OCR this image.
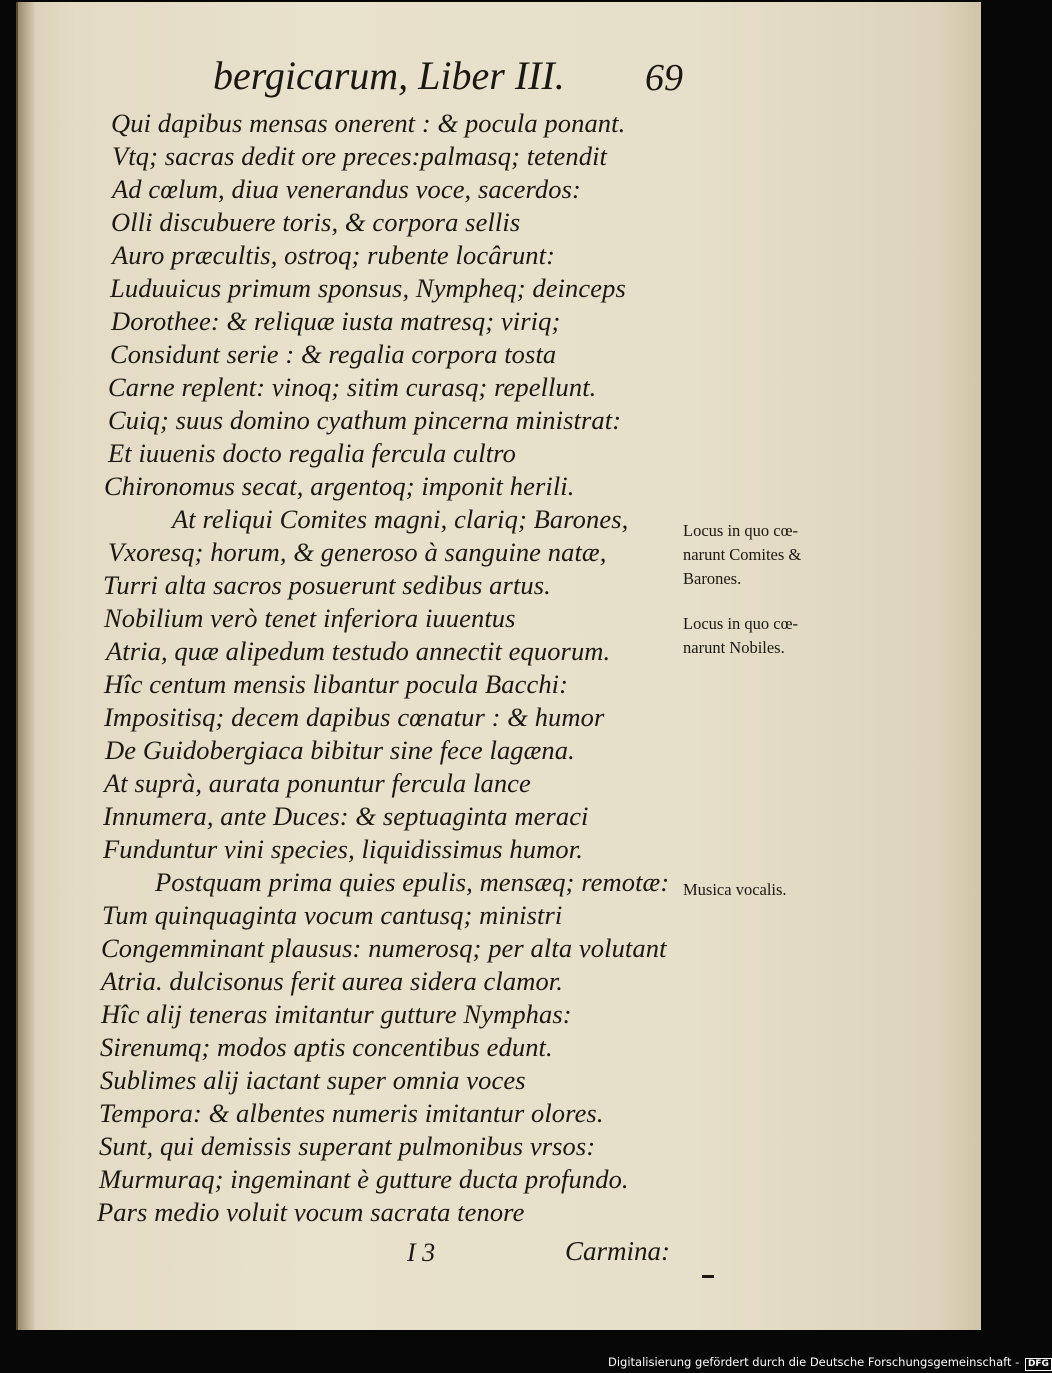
bergicarum, Liber III. 69
Qui dapibus mensas onerent : & pocula ponant.
Vtq; sacras dedit ore preces:palmasq; tetendit
Ad cœlum, diua venerandus voce, sacerdos:
Olli discubuere toris, & corpora sellis
Auro præcultis, ostroq; rubente locârunt:
Luduuicus primum sponsus, Nympheq; deinceps
Dorothee: & reliquæ iusta matresq; viriq;
Considunt serie : & regalia corpora tosta
Carne replent: vinoq; sitim curasq; repellunt.
Cuiq; suus domino cyathum pincerna ministrat:
Et iuuenis docto regalia fercula cultro
Chironomus secat, argentoq; imponit herili.
At reliqui Comites magni, clariq; Barones,
Vxoresq; horum, & generoso à sanguine natæ,
Turri alta sacros posuerunt sedibus artus.
Nobilium verò tenet inferiora iuuentus
Atria, quæ alipedum testudo annectit equorum.
Hîc centum mensis libantur pocula Bacchi:
Impositisq; decem dapibus cœnatur : & humor
De Guidobergiaca bibitur sine fece lagæna.
At suprà, aurata ponuntur fercula lance
Innumera, ante Duces: & septuaginta meraci
Funduntur vini species, liquidissimus humor.
Postquam prima quies epulis, mensæq; remotæ:
Tum quinquaginta vocum cantusq; ministri
Congemminant plausus: numerosq; per alta volutant
Atria. dulcisonus ferit aurea sidera clamor.
Hîc alij teneras imitantur gutture Nymphas:
Sirenumq; modos aptis concentibus edunt.
Sublimes alij iactant super omnia voces
Tempora: & albentes numeris imitantur olores.
Sunt, qui demissis superant pulmonibus vrsos:
Murmuraq; ingeminant è gutture ducta profundo.
Pars medio voluit vocum sacrata tenore
Locus in quo cœ-
narunt Comites &
Barones.
Locus in quo cœ-
narunt Nobiles.
Musica vocalis.
I 3	Carmina:
Digitalisierung gefördert durch die Deutsche Forschungsgemeinschaft - DFG
